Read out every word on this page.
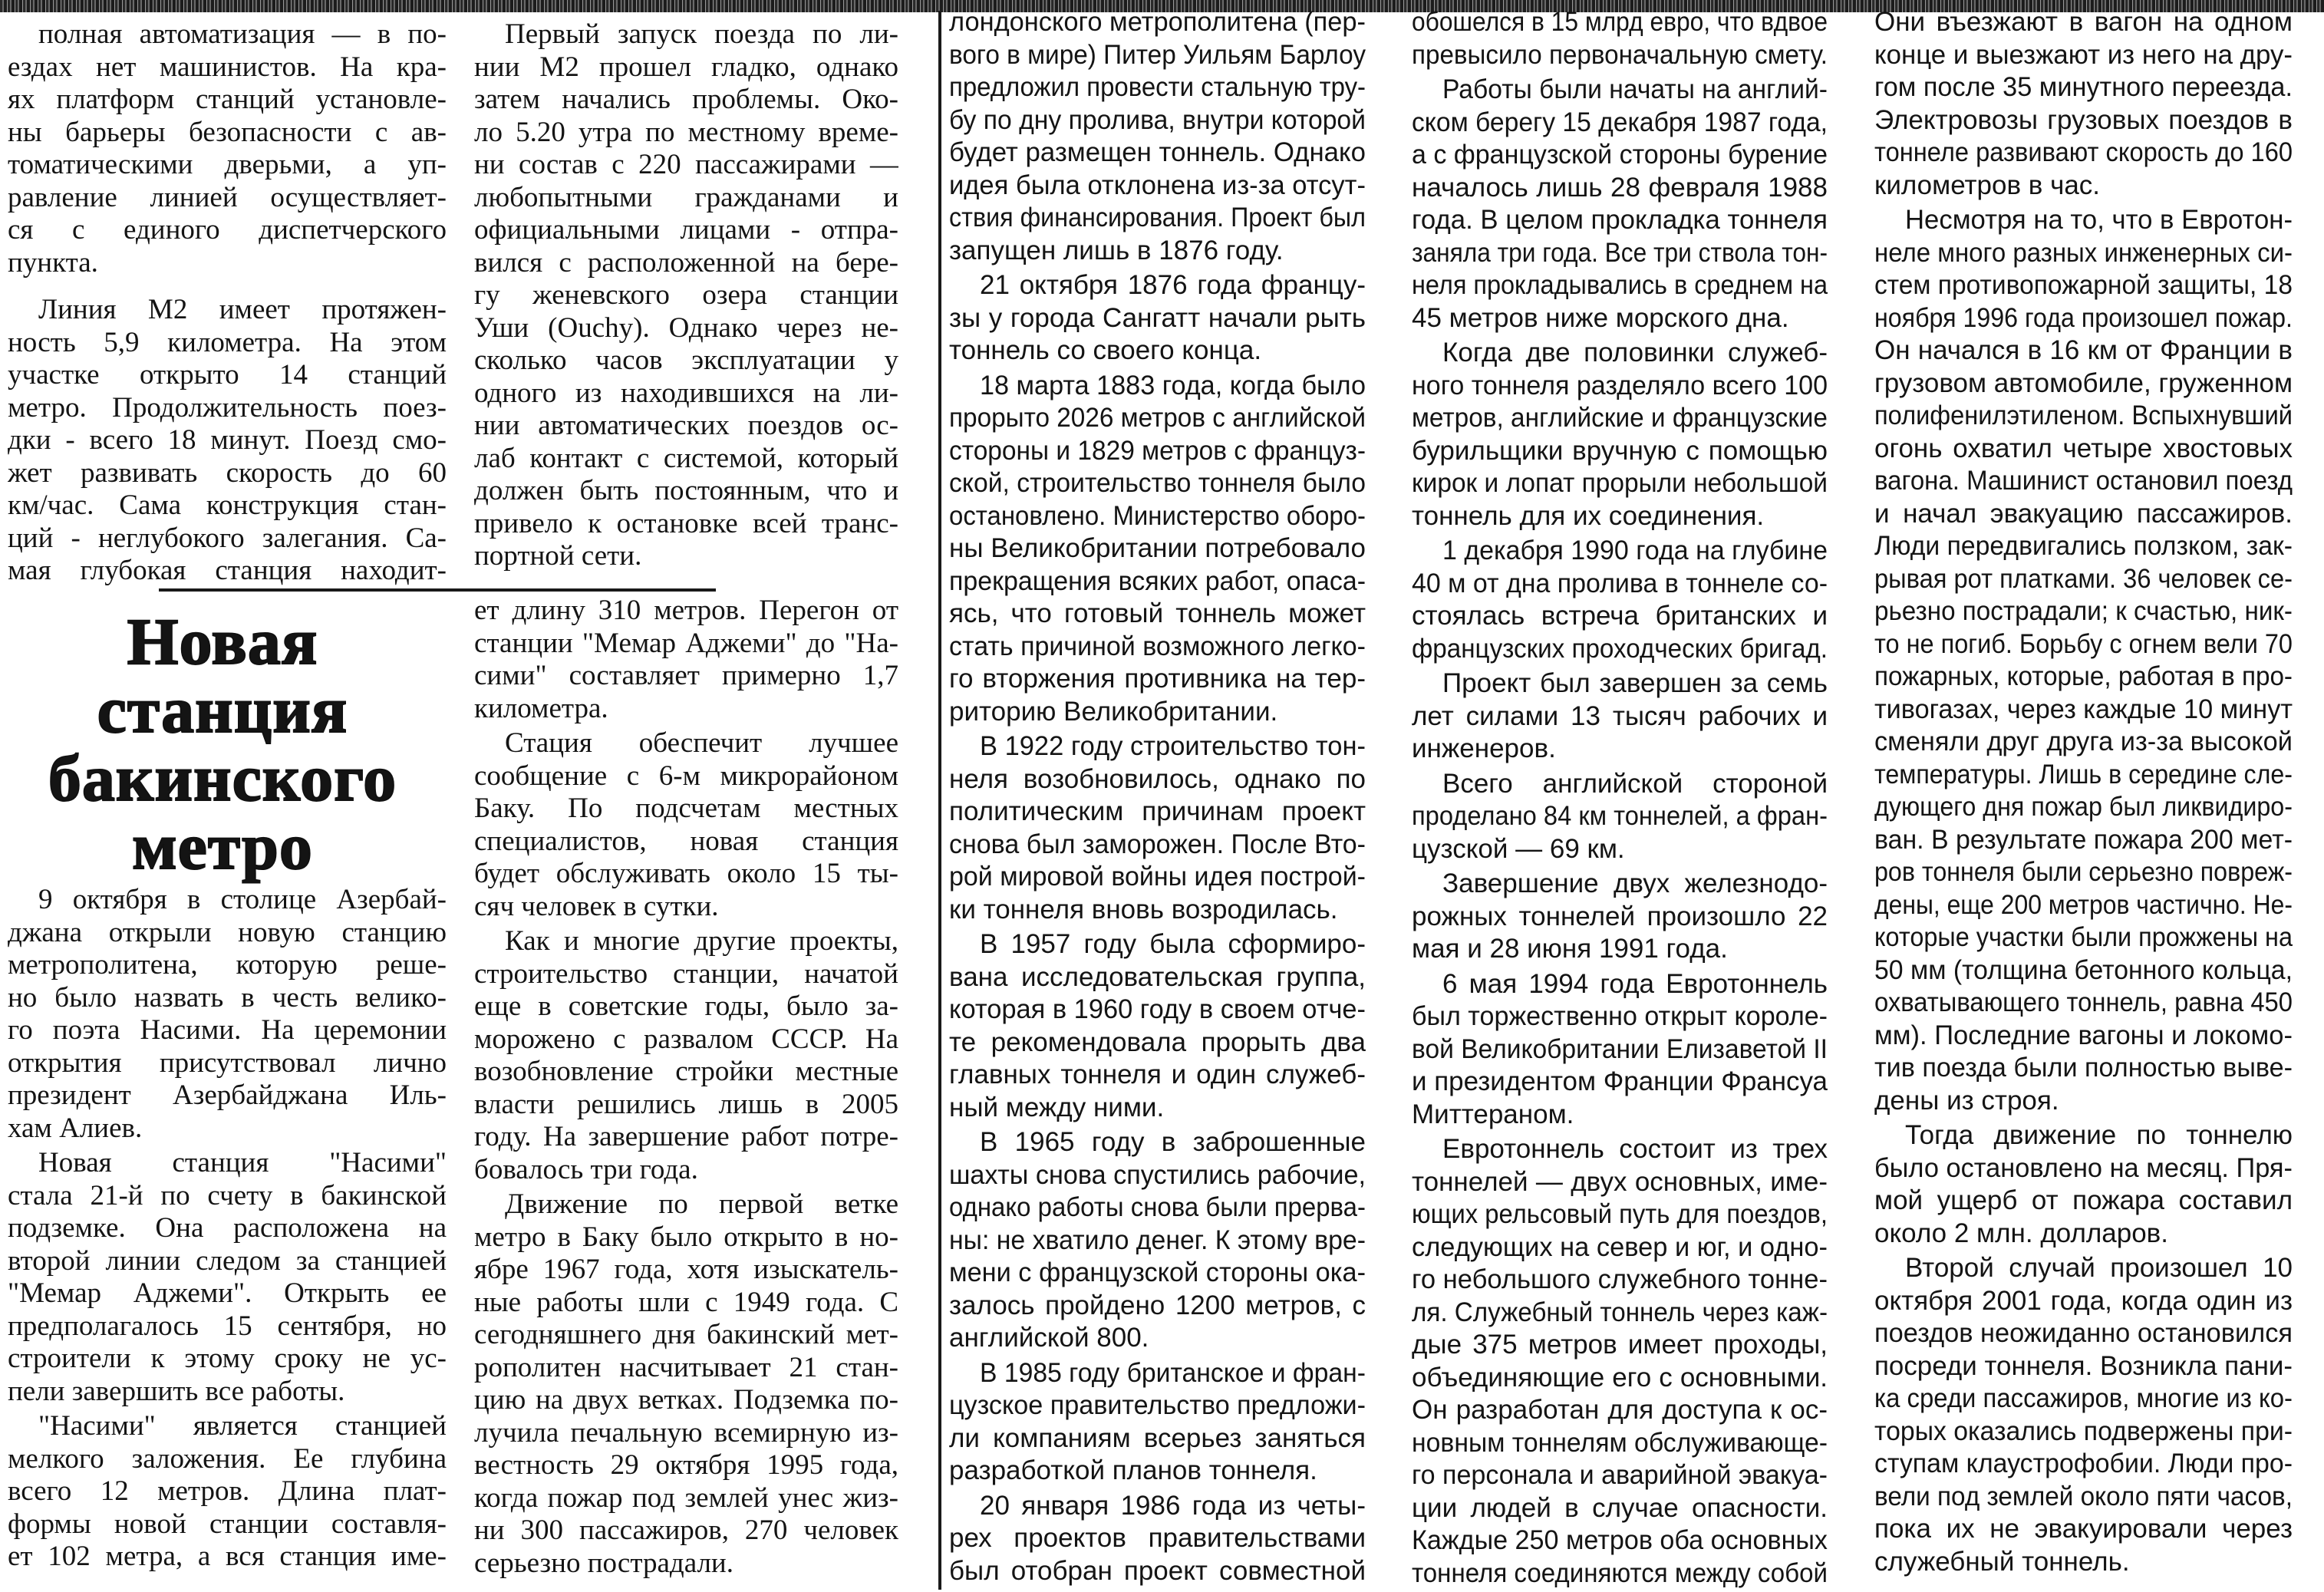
полная автоматизация — в по-
ездах нет машинистов. На кра-
ях платформ станций установле-
ны барьеры безопасности с ав-
томатическими дверьми, а уп-
равление линией осуществляет-
ся с единого диспетчерского
пункта.
Линия М2 имеет протяжен-
ность 5,9 километра. На этом
участке открыто 14 станций
метро. Продолжительность поез-
дки - всего 18 минут. Поезд смо-
жет развивать скорость до 60
км/час. Сама конструкция стан-
ций - неглубокого залегания. Са-
мая глубокая станция находит-
Новая
станция
бакинского
метро
9 октября в столице Азербай-
джана открыли новую станцию
метрополитена, которую реше-
но было назвать в честь велико-
го поэта Насими. На церемонии
открытия присутствовал лично
президент Азербайджана Иль-
хам Алиев.
Новая станция "Насими"
стала 21-й по счету в бакинской
подземке. Она расположена на
второй линии следом за станцией
"Мемар Аджеми". Открыть ее
предполагалось 15 сентября, но
строители к этому сроку не ус-
пели завершить все работы.
"Насими" является станцией
мелкого заложения. Ее глубина
всего 12 метров. Длина плат-
формы новой станции составля-
ет 102 метра, а вся станция име-
Первый запуск поезда по ли-
нии М2 прошел гладко, однако
затем начались проблемы. Око-
ло 5.20 утра по местному време-
ни состав с 220 пассажирами —
любопытными гражданами и
официальными лицами - отпра-
вился с расположенной на бере-
гу женевского озера станции
Уши (Ouchy). Однако через не-
сколько часов эксплуатации у
одного из находившихся на ли-
нии автоматических поездов ос-
лаб контакт с системой, который
должен быть постоянным, что и
привело к остановке всей транс-
портной сети.
ет длину 310 метров. Перегон от
станции "Мемар Аджеми" до "На-
сими" составляет примерно 1,7
километра.
Стация обеспечит лучшее
сообщение с 6-м микрорайоном
Баку. По подсчетам местных
специалистов, новая станция
будет обслуживать около 15 ты-
сяч человек в сутки.
Как и многие другие проекты,
строительство станции, начатой
еще в советские годы, было за-
морожено с развалом СССР. На
возобновление стройки местные
власти решились лишь в 2005
году. На завершение работ потре-
бовалось три года.
Движение по первой ветке
метро в Баку было открыто в но-
ябре 1967 года, хотя изыскатель-
ные работы шли с 1949 года. С
сегодняшнего дня бакинский мет-
рополитен насчитывает 21 стан-
цию на двух ветках. Подземка по-
лучила печальную всемирную из-
вестность 29 октября 1995 года,
когда пожар под землей унес жиз-
ни 300 пассажиров, 270 человек
серьезно пострадали.
лондонского метрополитена (пер-
вого в мире) Питер Уильям Барлоу
предложил провести стальную тру-
бу по дну пролива, внутри которой
будет размещен тоннель. Однако
идея была отклонена из-за отсут-
ствия финансирования. Проект был
запущен лишь в 1876 году.
21 октября 1876 года францу-
зы у города Сангатт начали рыть
тоннель со своего конца.
18 марта 1883 года, когда было
прорыто 2026 метров с английской
стороны и 1829 метров с француз-
ской, строительство тоннеля было
остановлено. Министерство оборо-
ны Великобритании потребовало
прекращения всяких работ, опаса-
ясь, что готовый тоннель может
стать причиной возможного легко-
го вторжения противника на тер-
риторию Великобритании.
В 1922 году строительство тон-
неля возобновилось, однако по
политическим причинам проект
снова был заморожен. После Вто-
рой мировой войны идея построй-
ки тоннеля вновь возродилась.
В 1957 году была сформиро-
вана исследовательская группа,
которая в 1960 году в своем отче-
те рекомендовала прорыть два
главных тоннеля и один служеб-
ный между ними.
В 1965 году в заброшенные
шахты снова спустились рабочие,
однако работы снова были прерва-
ны: не хватило денег. К этому вре-
мени с французской стороны ока-
залось пройдено 1200 метров, с
английской 800.
В 1985 году британское и фран-
цузское правительство предложи-
ли компаниям всерьез заняться
разработкой планов тоннеля.
20 января 1986 года из четы-
рех проектов правительствами
был отобран проект совместной
обошелся в 15 млрд евро, что вдвое
превысило первоначальную смету.
Работы были начаты на англий-
ском берегу 15 декабря 1987 года,
а с французской стороны бурение
началось лишь 28 февраля 1988
года. В целом прокладка тоннеля
заняла три года. Все три ствола тон-
неля прокладывались в среднем на
45 метров ниже морского дна.
Когда две половинки служеб-
ного тоннеля разделяло всего 100
метров, английские и французские
бурильщики вручную с помощью
кирок и лопат прорыли небольшой
тоннель для их соединения.
1 декабря 1990 года на глубине
40 м от дна пролива в тоннеле со-
стоялась встреча британских и
французских проходческих бригад.
Проект был завершен за семь
лет силами 13 тысяч рабочих и
инженеров.
Всего английской стороной
проделано 84 км тоннелей, а фран-
цузской — 69 км.
Завершение двух железнодо-
рожных тоннелей произошло 22
мая и 28 июня 1991 года.
6 мая 1994 года Евротоннель
был торжественно открыт короле-
вой Великобритании Елизаветой II
и президентом Франции Франсуа
Миттераном.
Евротоннель состоит из трех
тоннелей — двух основных, име-
ющих рельсовый путь для поездов,
следующих на север и юг, и одно-
го небольшого служебного тонне-
ля. Служебный тоннель через каж-
дые 375 метров имеет проходы,
объединяющие его с основными.
Он разработан для доступа к ос-
новным тоннелям обслуживающе-
го персонала и аварийной эвакуа-
ции людей в случае опасности.
Каждые 250 метров оба основных
тоннеля соединяются между собой
Они въезжают в вагон на одном
конце и выезжают из него на дру-
гом после 35 минутного переезда.
Электровозы грузовых поездов в
тоннеле развивают скорость до 160
километров в час.
Несмотря на то, что в Евротон-
неле много разных инженерных си-
стем противопожарной защиты, 18
ноября 1996 года произошел пожар.
Он начался в 16 км от Франции в
грузовом автомобиле, груженном
полифенилэтиленом. Вспыхнувший
огонь охватил четыре хвостовых
вагона. Машинист остановил поезд
и начал эвакуацию пассажиров.
Люди передвигались ползком, зак-
рывая рот платками. 36 человек се-
рьезно пострадали; к счастью, ник-
то не погиб. Борьбу с огнем вели 70
пожарных, которые, работая в про-
тивогазах, через каждые 10 минут
сменяли друг друга из-за высокой
температуры. Лишь в середине сле-
дующего дня пожар был ликвидиро-
ван. В результате пожара 200 мет-
ров тоннеля были серьезно повреж-
дены, еще 200 метров частично. Не-
которые участки были прожжены на
50 мм (толщина бетонного кольца,
охватывающего тоннель, равна 450
мм). Последние вагоны и локомо-
тив поезда были полностью выве-
дены из строя.
Тогда движение по тоннелю
было остановлено на месяц. Пря-
мой ущерб от пожара составил
около 2 млн. долларов.
Второй случай произошел 10
октября 2001 года, когда один из
поездов неожиданно остановился
посреди тоннеля. Возникла пани-
ка среди пассажиров, многие из ко-
торых оказались подвержены при-
ступам клаустрофобии. Люди про-
вели под землей около пяти часов,
пока их не эвакуировали через
служебный тоннель.
